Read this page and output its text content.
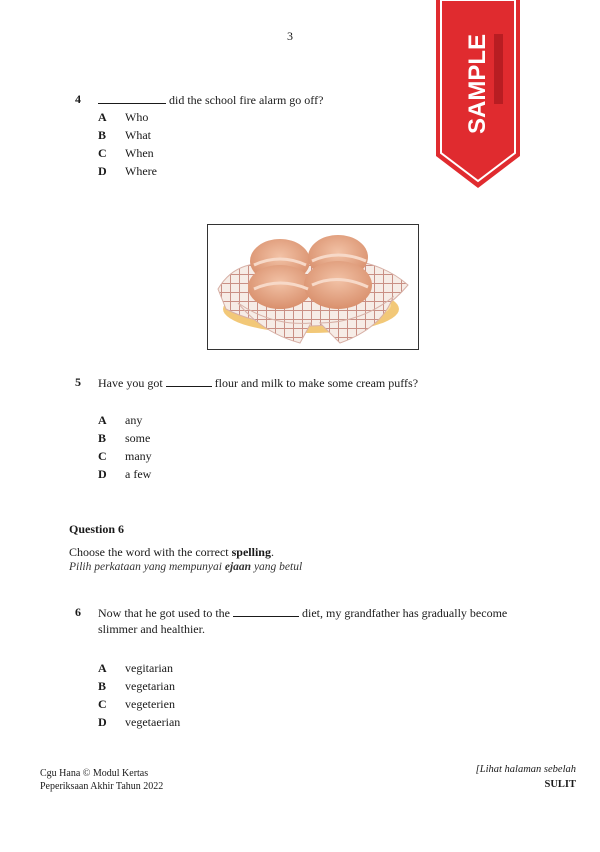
3	SAMPLE
4	did the school fire alarm go off?
A Who
B What
C When
D Where
5 Have you got	flour and milk to make some cream puffs?
A any
B some
C many
D a few
Question 6
Choose the word with the correct spelling.
Pilih perkataan yang mempunyai ejaan yang betul
6 Now that he got used to the	diet, my grandfather has gradually become
slimmer and healthier.
A vegitarian
B vegetarian
C vegeterien
D vegetaerian
Cgu Hana © Modul Kertas
Peperiksaan Akhir Tahun 2022
[Lihat halaman sebelah
SULIT
